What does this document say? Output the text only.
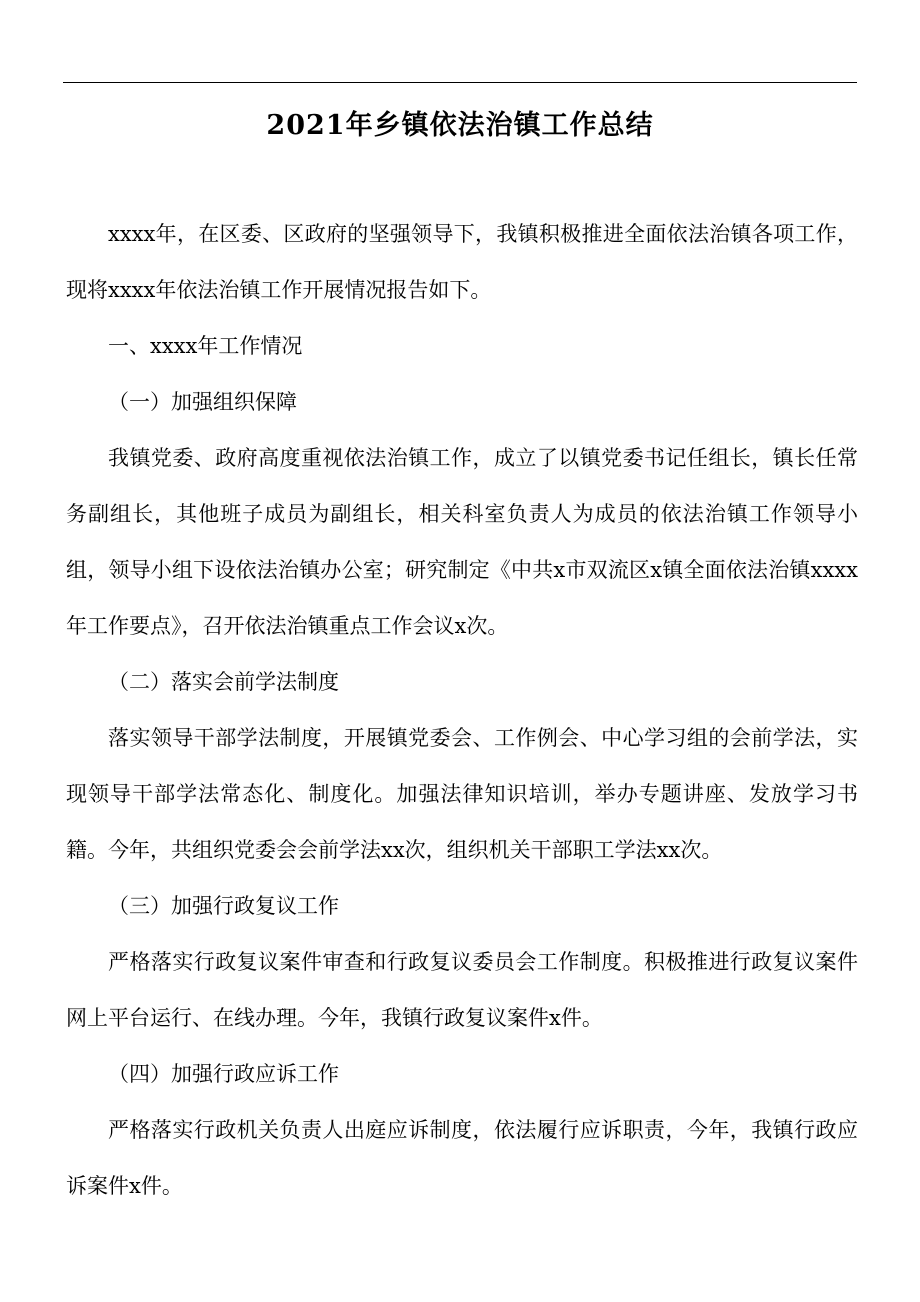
2021年乡镇依法治镇工作总结

xxxx年，在区委、区政府的坚强领导下，我镇积极推进全面依法治镇各项工作，现将xxxx年依法治镇工作开展情况报告如下。

一、xxxx年工作情况

（一）加强组织保障

我镇党委、政府高度重视依法治镇工作，成立了以镇党委书记任组长，镇长任常务副组长，其他班子成员为副组长，相关科室负责人为成员的依法治镇工作领导小组，领导小组下设依法治镇办公室；研究制定《中共x市双流区x镇全面依法治镇xxxx年工作要点》，召开依法治镇重点工作会议x次。

（二）落实会前学法制度

落实领导干部学法制度，开展镇党委会、工作例会、中心学习组的会前学法，实现领导干部学法常态化、制度化。加强法律知识培训，举办专题讲座、发放学习书籍。今年，共组织党委会会前学法xx次，组织机关干部职工学法xx次。

（三）加强行政复议工作

严格落实行政复议案件审查和行政复议委员会工作制度。积极推进行政复议案件网上平台运行、在线办理。今年，我镇行政复议案件x件。

（四）加强行政应诉工作

严格落实行政机关负责人出庭应诉制度，依法履行应诉职责，今年，我镇行政应诉案件x件。
